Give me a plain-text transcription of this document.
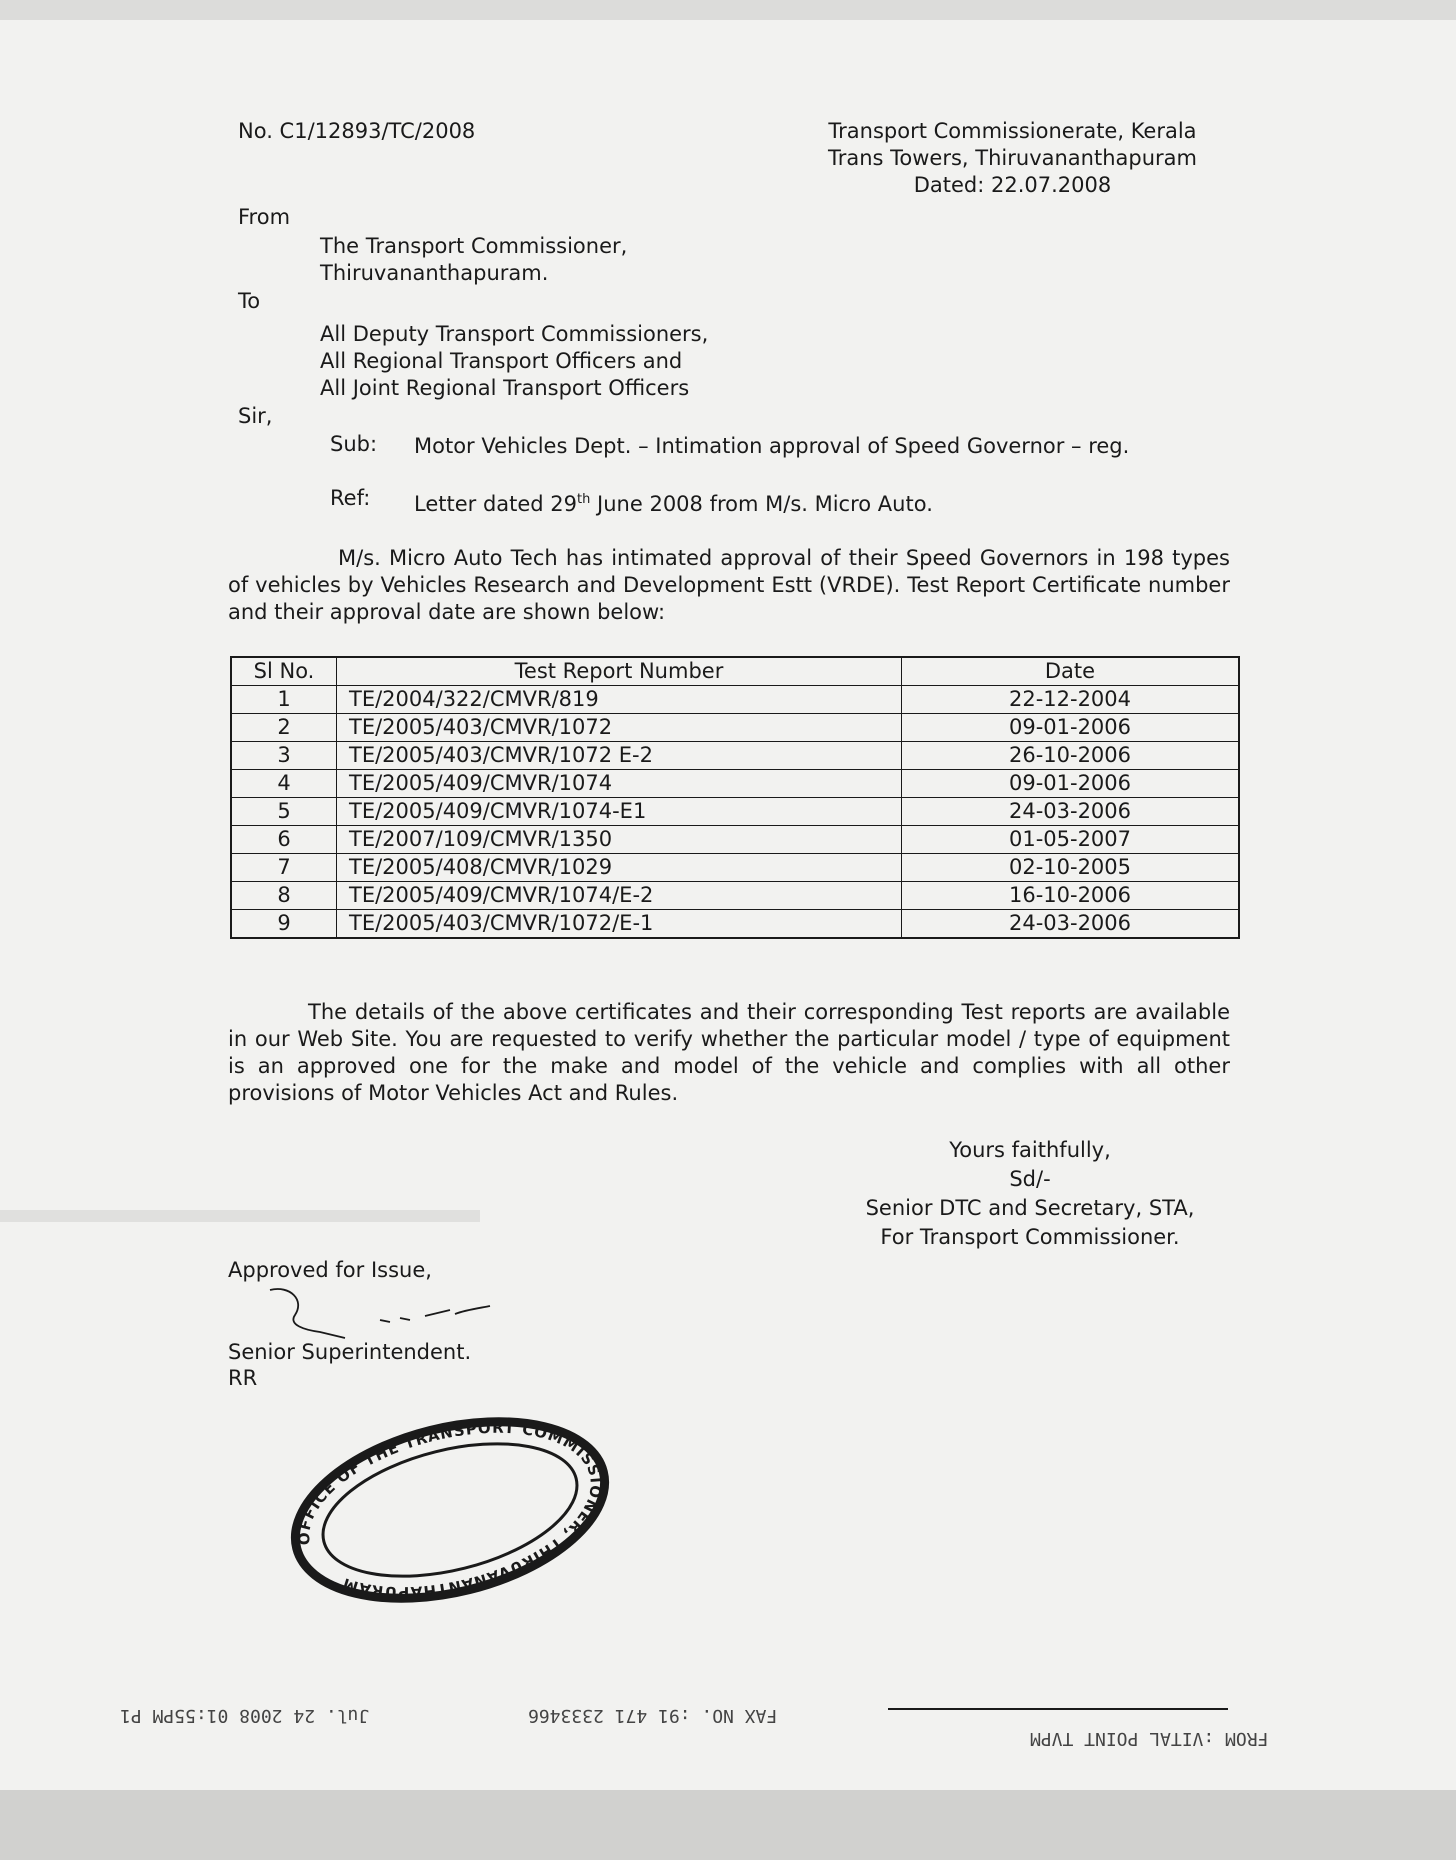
No. C1/12893/TC/2008	Transport Commissionerate, Kerala
Trans Towers, Thiruvananthapuram
Dated: 22.07.2008
From
The Transport Commissioner,
Thiruvananthapuram.
To
All Deputy Transport Commissioners,
All Regional Transport Officers and
All Joint Regional Transport Officers
Sir,
Sub: Motor Vehicles Dept. – Intimation approval of Speed Governor – reg.
Ref: Letter dated 29th June 2008 from M/s. Micro Auto.
M/s. Micro Auto Tech has intimated approval of their Speed Governors in 198 types of vehicles by Vehicles Research and Development Estt (VRDE). Test Report Certificate number and their approval date are shown below:
Sl No.	Test Report Number	Date
1	TE/2004/322/CMVR/819	22-12-2004
2	TE/2005/403/CMVR/1072	09-01-2006
3	TE/2005/403/CMVR/1072 E-2	26-10-2006
4	TE/2005/409/CMVR/1074	09-01-2006
5	TE/2005/409/CMVR/1074-E1	24-03-2006
6	TE/2007/109/CMVR/1350	01-05-2007
7	TE/2005/408/CMVR/1029	02-10-2005
8	TE/2005/409/CMVR/1074/E-2	16-10-2006
9	TE/2005/403/CMVR/1072/E-1	24-03-2006
The details of the above certificates and their corresponding Test reports are available in our Web Site. You are requested to verify whether the particular model / type of equipment is an approved one for the make and model of the vehicle and complies with all other provisions of Motor Vehicles Act and Rules.
Yours faithfully,
Sd/-
Senior DTC and Secretary, STA,
For Transport Commissioner.
Approved for Issue,
Senior Superintendent.
RR
OFFICE OF THE TRANSPORT COMMISSIONER, THIRUVANANTHAPURAM
Jul. 24 2008 01:55PM P1	FAX NO. :91 471 2333466
FROM :VITAL POINT TVPM
